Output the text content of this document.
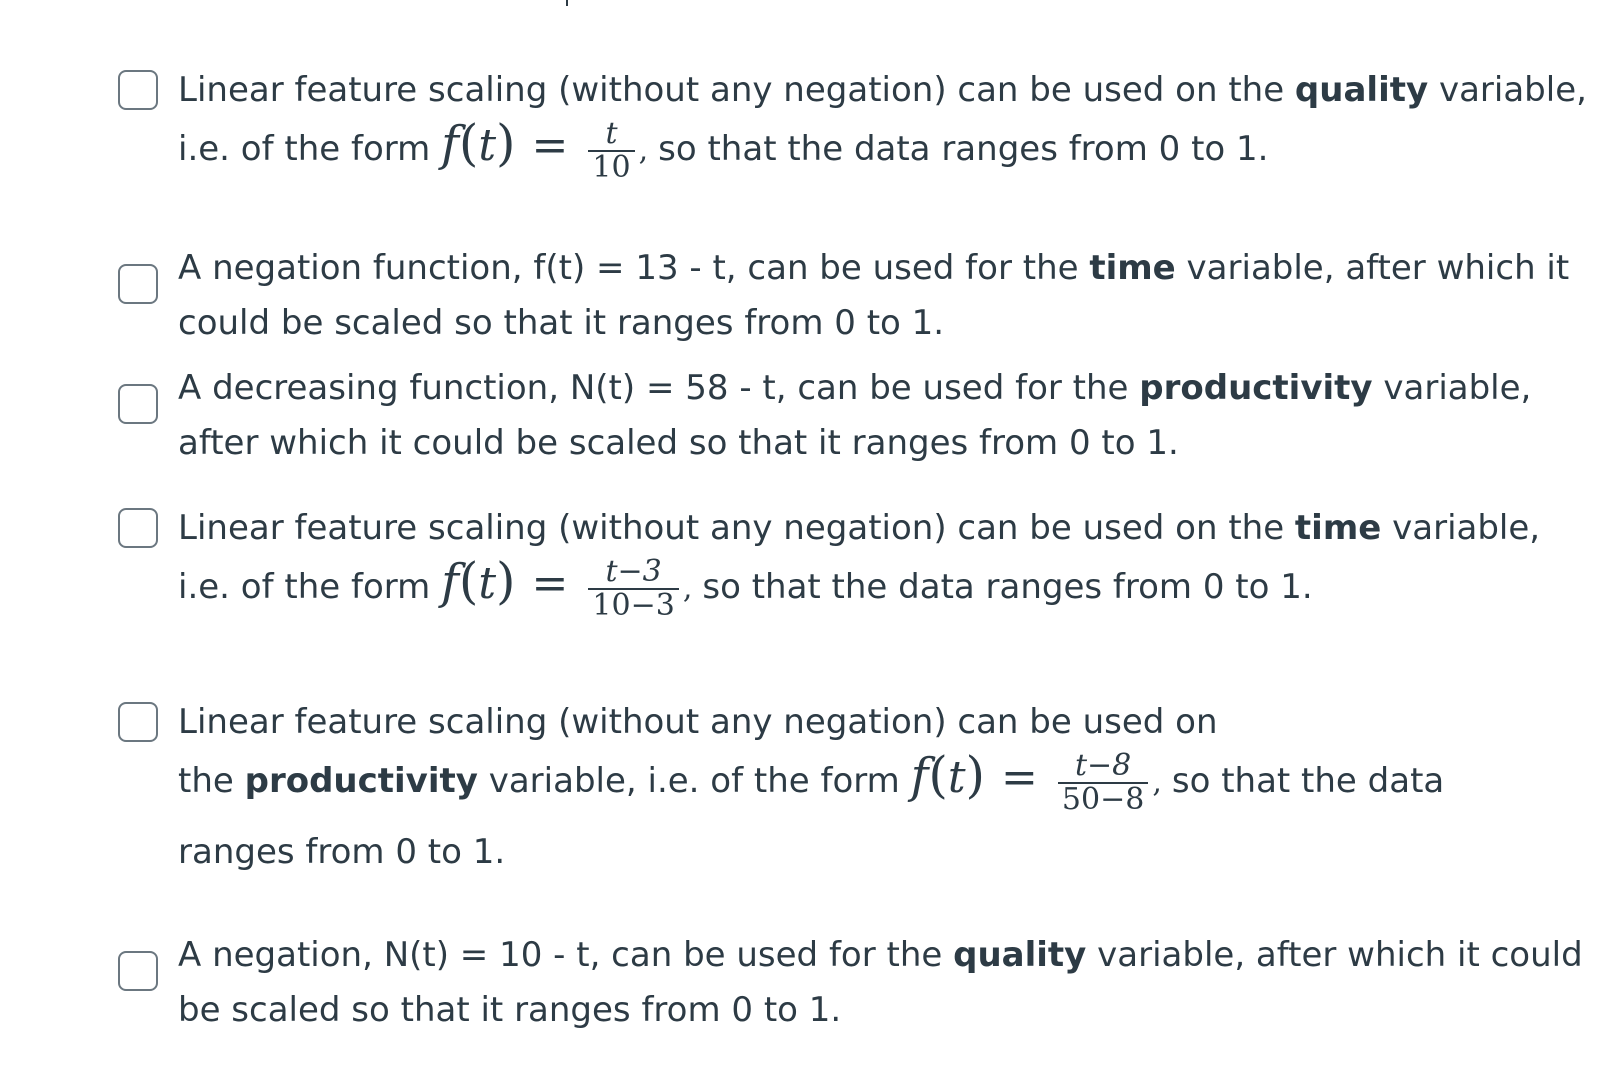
Linear feature scaling (without any negation) can be used on the quality variable,
i.e. of the form $f(t) = \frac{t}{10}$ , so that the data ranges from 0 to 1.
A negation function, f(t) = 13 - t, can be used for the time variable, after which it
could be scaled so that it ranges from 0 to 1.
A decreasing function, N(t) = 58 - t, can be used for the productivity variable,
after which it could be scaled so that it ranges from 0 to 1.
Linear feature scaling (without any negation) can be used on the time variable,
i.e. of the form $f(t) = \frac{t-3}{10-3}$ , so that the data ranges from 0 to 1.
Linear feature scaling (without any negation) can be used on
the productivity variable, i.e. of the form $f(t) = \frac{t-8}{50-8}$ , so that the data
ranges from 0 to 1.
A negation, N(t) = 10 - t, can be used for the quality variable, after which it could
be scaled so that it ranges from 0 to 1.
